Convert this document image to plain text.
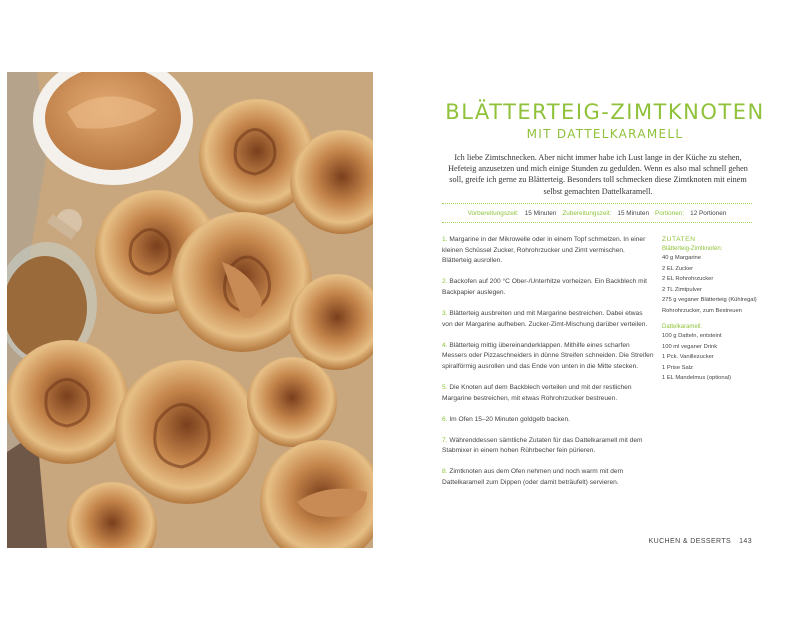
BLÄTTERTEIG-ZIMTKNOTEN
MIT DATTELKARAMELL

Ich liebe Zimtschnecken. Aber nicht immer habe ich Lust lange in der Küche zu stehen, Hefeteig anzusetzen und mich einige Stunden zu gedulden. Wenn es also mal schnell gehen soll, greife ich gerne zu Blätterteig. Besonders toll schmecken diese Zimtknoten mit einem selbst gemachten Dattelkaramell.

Vorbereitungszeit: 15 Minuten Zubereitungszeit: 15 Minuten Portionen: 12 Portionen

1. Margarine in der Mikrowelle oder in einem Topf schmelzen. In einer kleinen Schüssel Zucker, Rohrohrzucker und Zimt vermischen. Blätterteig ausrollen.

2. Backofen auf 200 °C Ober-/Unterhitze vorheizen. Ein Backblech mit Backpapier auslegen.

3. Blätterteig ausbreiten und mit Margarine bestreichen. Dabei etwas von der Margarine aufheben. Zucker-Zimt-Mischung darüber verteilen.

4. Blätterteig mittig übereinanderklappen. Mithilfe eines scharfen Messers oder Pizzaschneiders in dünne Streifen schneiden. Die Streifen spiralförmig ausrollen und das Ende von unten in die Mitte stecken.

5. Die Knoten auf dem Backblech verteilen und mit der restlichen Margarine bestreichen, mit etwas Rohrohrzucker bestreuen.

6. Im Ofen 15–20 Minuten goldgelb backen.

7. Währenddessen sämtliche Zutaten für das Dattelkaramell mit dem Stabmixer in einem hohen Rührbecher fein pürieren.

8. Zimtknoten aus dem Ofen nehmen und noch warm mit dem Dattelkaramell zum Dippen (oder damit beträufelt) servieren.

ZUTATEN
Blätterteig-Zimtknoten:
40 g Margarine
2 EL Zucker
2 EL Rohrohrzucker
2 TL Zimtpulver
275 g veganer Blätterteig (Kühlregal)
Rohrohrzucker, zum Bestreuen
Dattelkaramell:
100 g Datteln, entsteint
100 ml veganer Drink
1 Pck. Vanillezucker
1 Prise Salz
1 EL Mandelmus (optional)
KUCHEN & DESSERTS 143
